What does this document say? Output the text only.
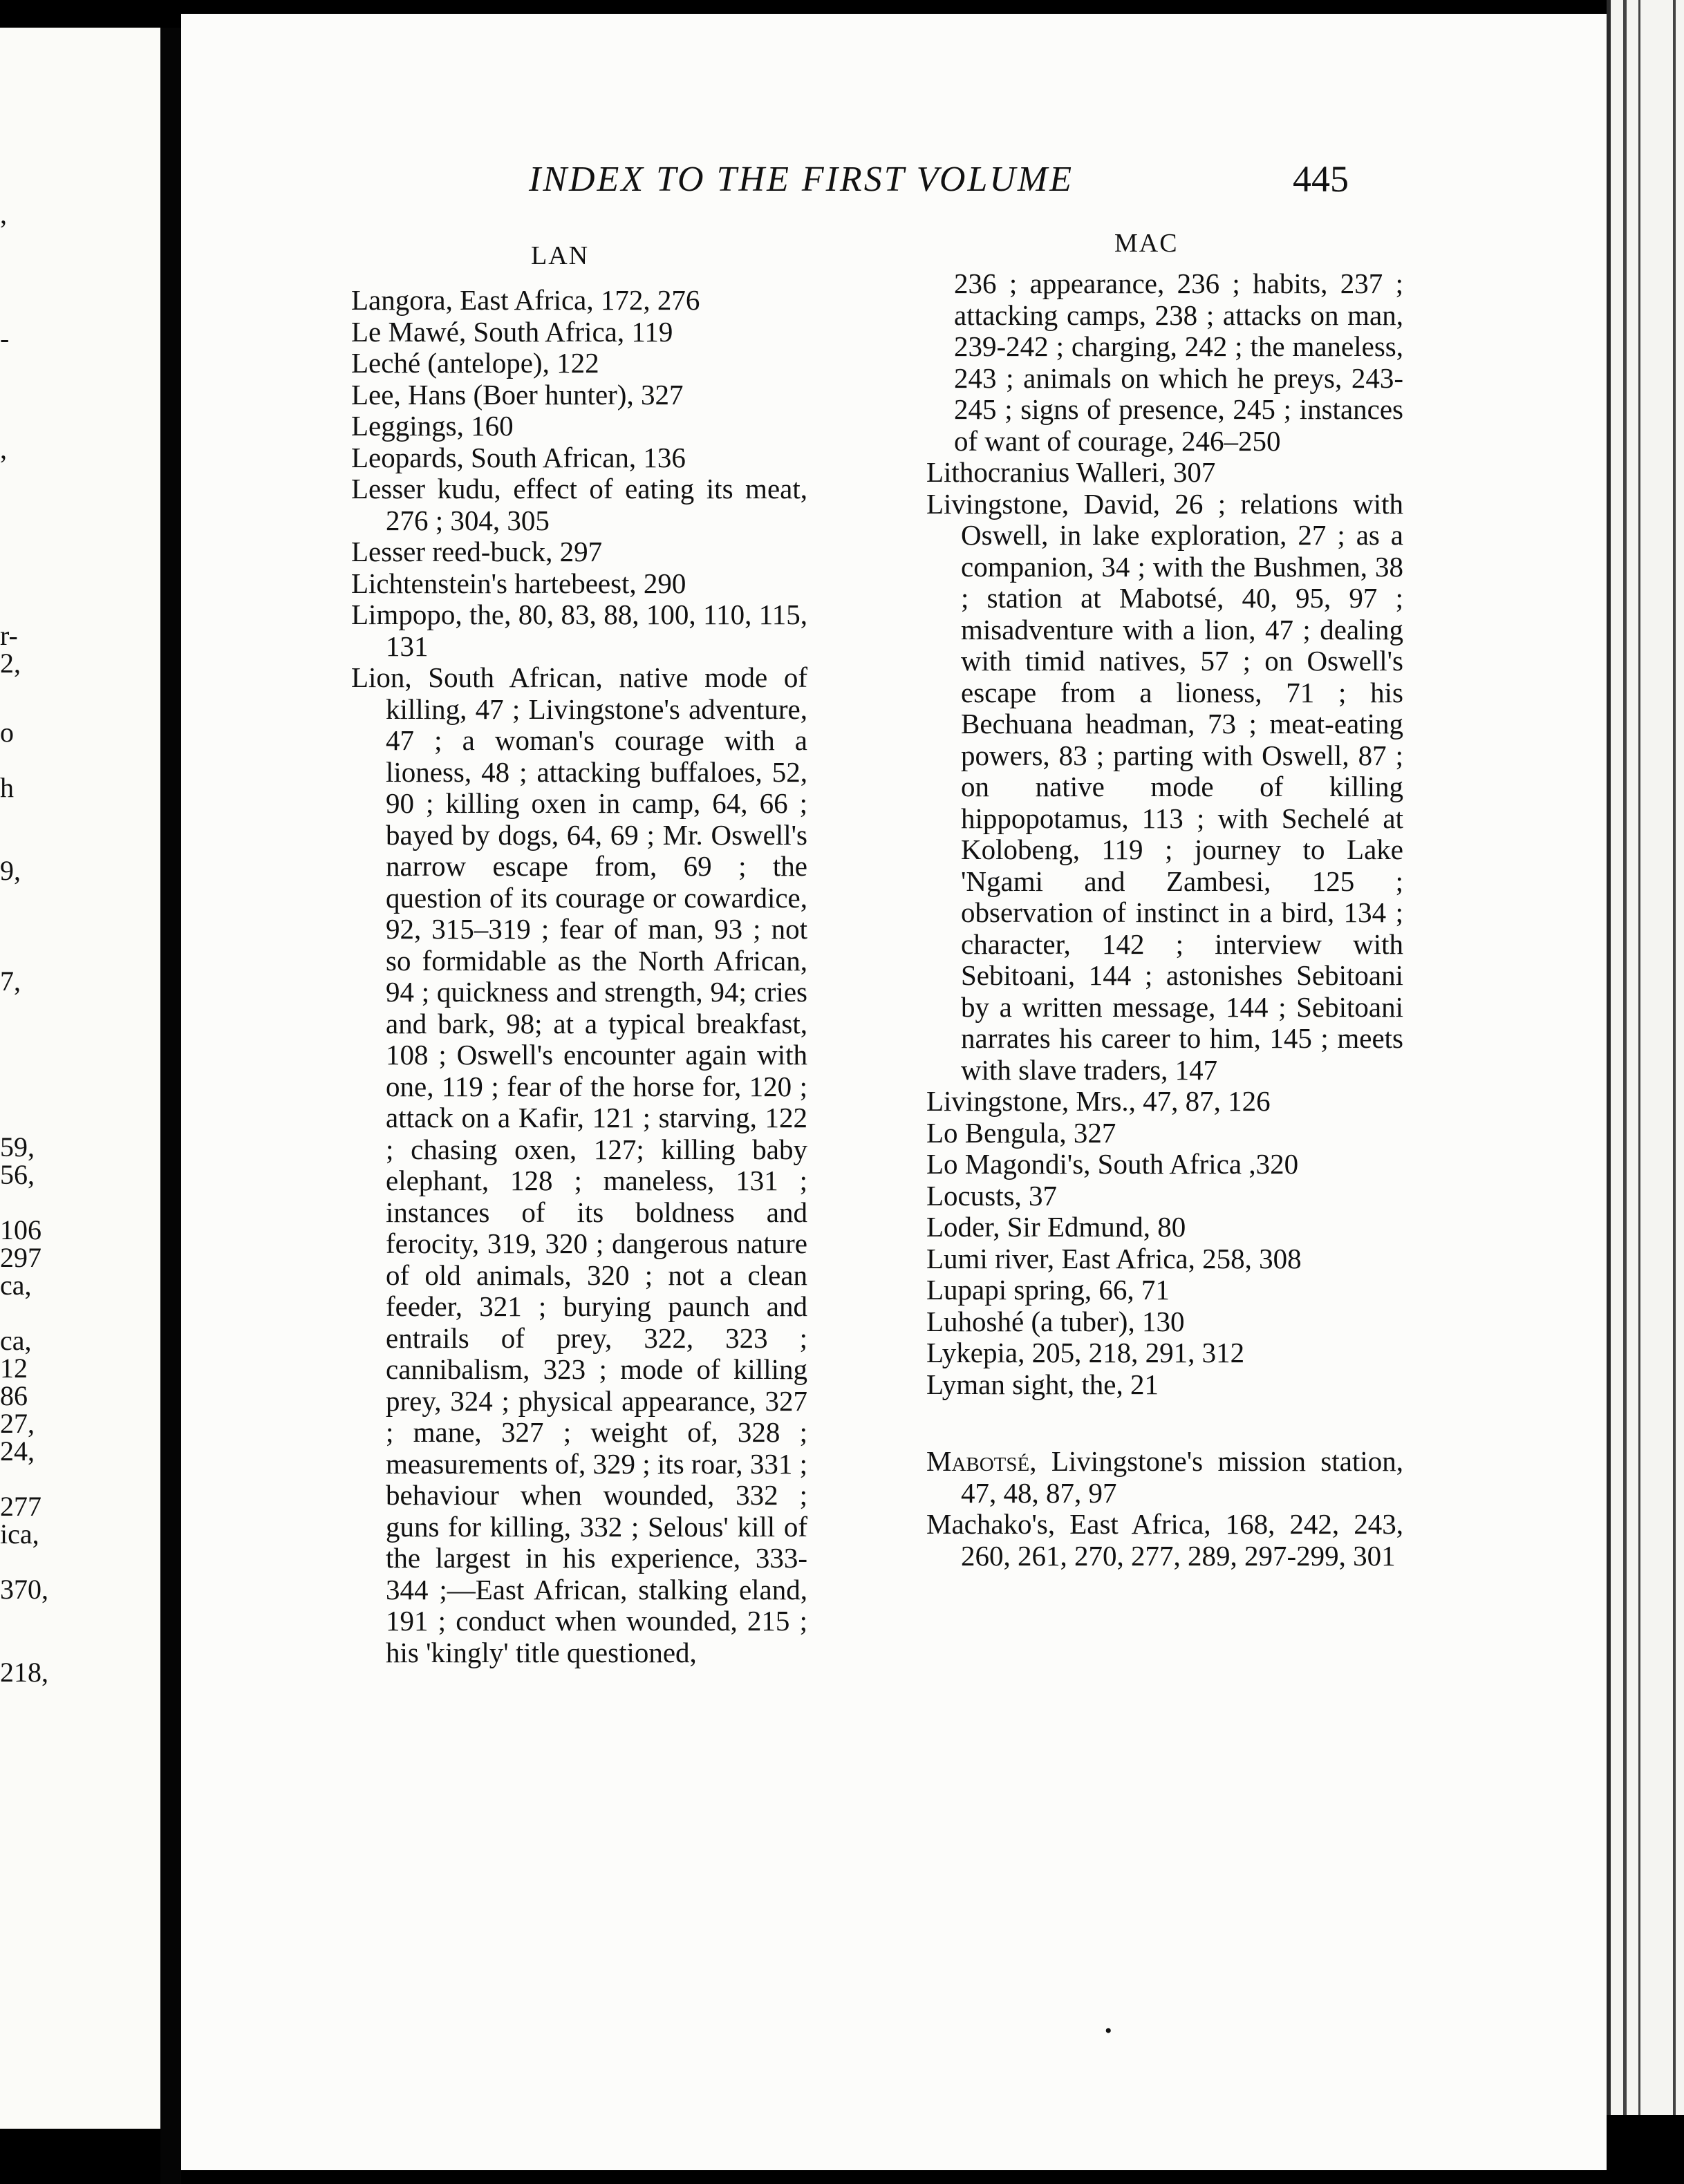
,
-
,
r-
2,
o
h
9,
7,
59,
56,
106
297
ca,
ca,
12
86
27,
24,
277
ica,
370,
218,
INDEX TO THE FIRST VOLUME	445
LAN	MAC

Langora, East Africa, 172, 276

Le Mawé, South Africa, 119

Leché (antelope), 122

Lee, Hans (Boer hunter), 327

Leggings, 160

Leopards, South African, 136

Lesser kudu, effect of eating its meat, 276 ; 304, 305

Lesser reed-buck, 297

Lichtenstein's hartebeest, 290

Limpopo, the, 80, 83, 88, 100, 110, 115, 131

Lion, South African, native mode of killing, 47 ; Livingstone's adventure, 47 ; a woman's courage with a lioness, 48 ; attacking buffaloes, 52, 90 ; killing oxen in camp, 64, 66 ; bayed by dogs, 64, 69 ; Mr. Oswell's narrow escape from, 69 ; the question of its courage or cowardice, 92, 315–319 ; fear of man, 93 ; not so formidable as the North African, 94 ; quickness and strength, 94; cries and bark, 98; at a typical breakfast, 108 ; Oswell's encounter again with one, 119 ; fear of the horse for, 120 ; attack on a Kafir, 121 ; starving, 122 ; chasing oxen, 127; killing baby elephant, 128 ; maneless, 131 ; instances of its boldness and ferocity, 319, 320 ; dangerous nature of old animals, 320 ; not a clean feeder, 321 ; burying paunch and entrails of prey, 322, 323 ; cannibalism, 323 ; mode of killing prey, 324 ; physical appearance, 327 ; mane, 327 ; weight of, 328 ; measurements of, 329 ; its roar, 331 ; behaviour when wounded, 332 ; guns for killing, 332 ; Selous' kill of the largest in his experience, 333-344 ;—East African, stalking eland, 191 ; conduct when wounded, 215 ; his 'kingly' title questioned,

236 ; appearance, 236 ; habits, 237 ; attacking camps, 238 ; attacks on man, 239-242 ; charging, 242 ; the maneless, 243 ; animals on which he preys, 243-245 ; signs of presence, 245 ; instances of want of courage, 246–250

Lithocranius Walleri, 307

Livingstone, David, 26 ; relations with Oswell, in lake exploration, 27 ; as a companion, 34 ; with the Bushmen, 38 ; station at Mabotsé, 40, 95, 97 ; misadventure with a lion, 47 ; dealing with timid natives, 57 ; on Oswell's escape from a lioness, 71 ; his Bechuana headman, 73 ; meat-eating powers, 83 ; parting with Oswell, 87 ; on native mode of killing hippopotamus, 113 ; with Sechelé at Kolobeng, 119 ; journey to Lake 'Ngami and Zambesi, 125 ; observation of instinct in a bird, 134 ; character, 142 ; interview with Sebitoani, 144 ; astonishes Sebitoani by a written message, 144 ; Sebitoani narrates his career to him, 145 ; meets with slave traders, 147

Livingstone, Mrs., 47, 87, 126

Lo Bengula, 327

Lo Magondi's, South Africa ,320

Locusts, 37

Loder, Sir Edmund, 80

Lumi river, East Africa, 258, 308

Lupapi spring, 66, 71

Luhoshé (a tuber), 130

Lykepia, 205, 218, 291, 312

Lyman sight, the, 21

Mabotsé, Livingstone's mission station, 47, 48, 87, 97

Machako's, East Africa, 168, 242, 243, 260, 261, 270, 277, 289, 297-299, 301

•
